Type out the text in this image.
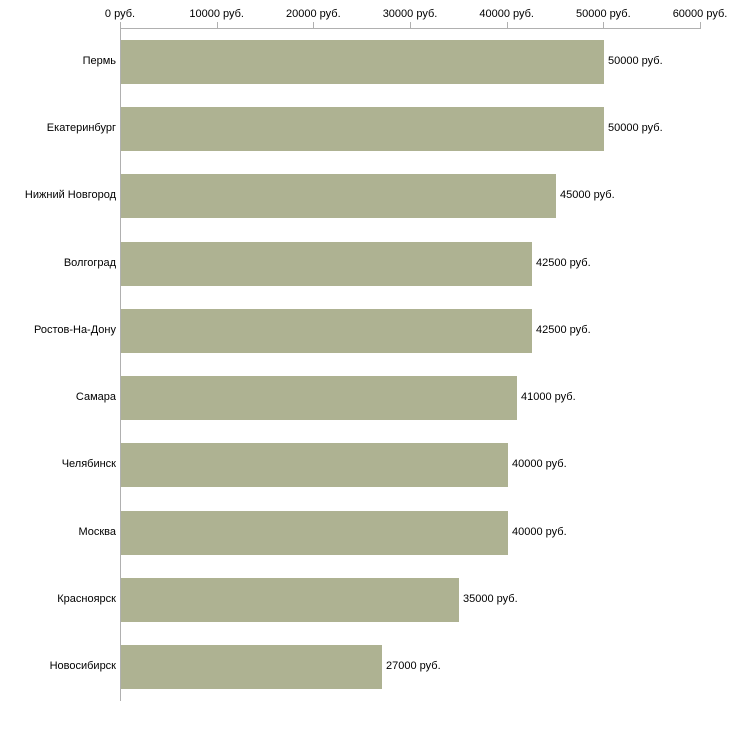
0 руб.	10000 руб.	20000 руб.	30000 руб.	40000 руб.	50000 руб.	60000 руб.
Пермь	50000 руб.
Екатеринбург	50000 руб.
Нижний Новгород	45000 руб.
Волгоград	42500 руб.
Ростов-На-Дону	42500 руб.
Самара	41000 руб.
Челябинск	40000 руб.
Москва	40000 руб.
Красноярск	35000 руб.
Новосибирск	27000 руб.
